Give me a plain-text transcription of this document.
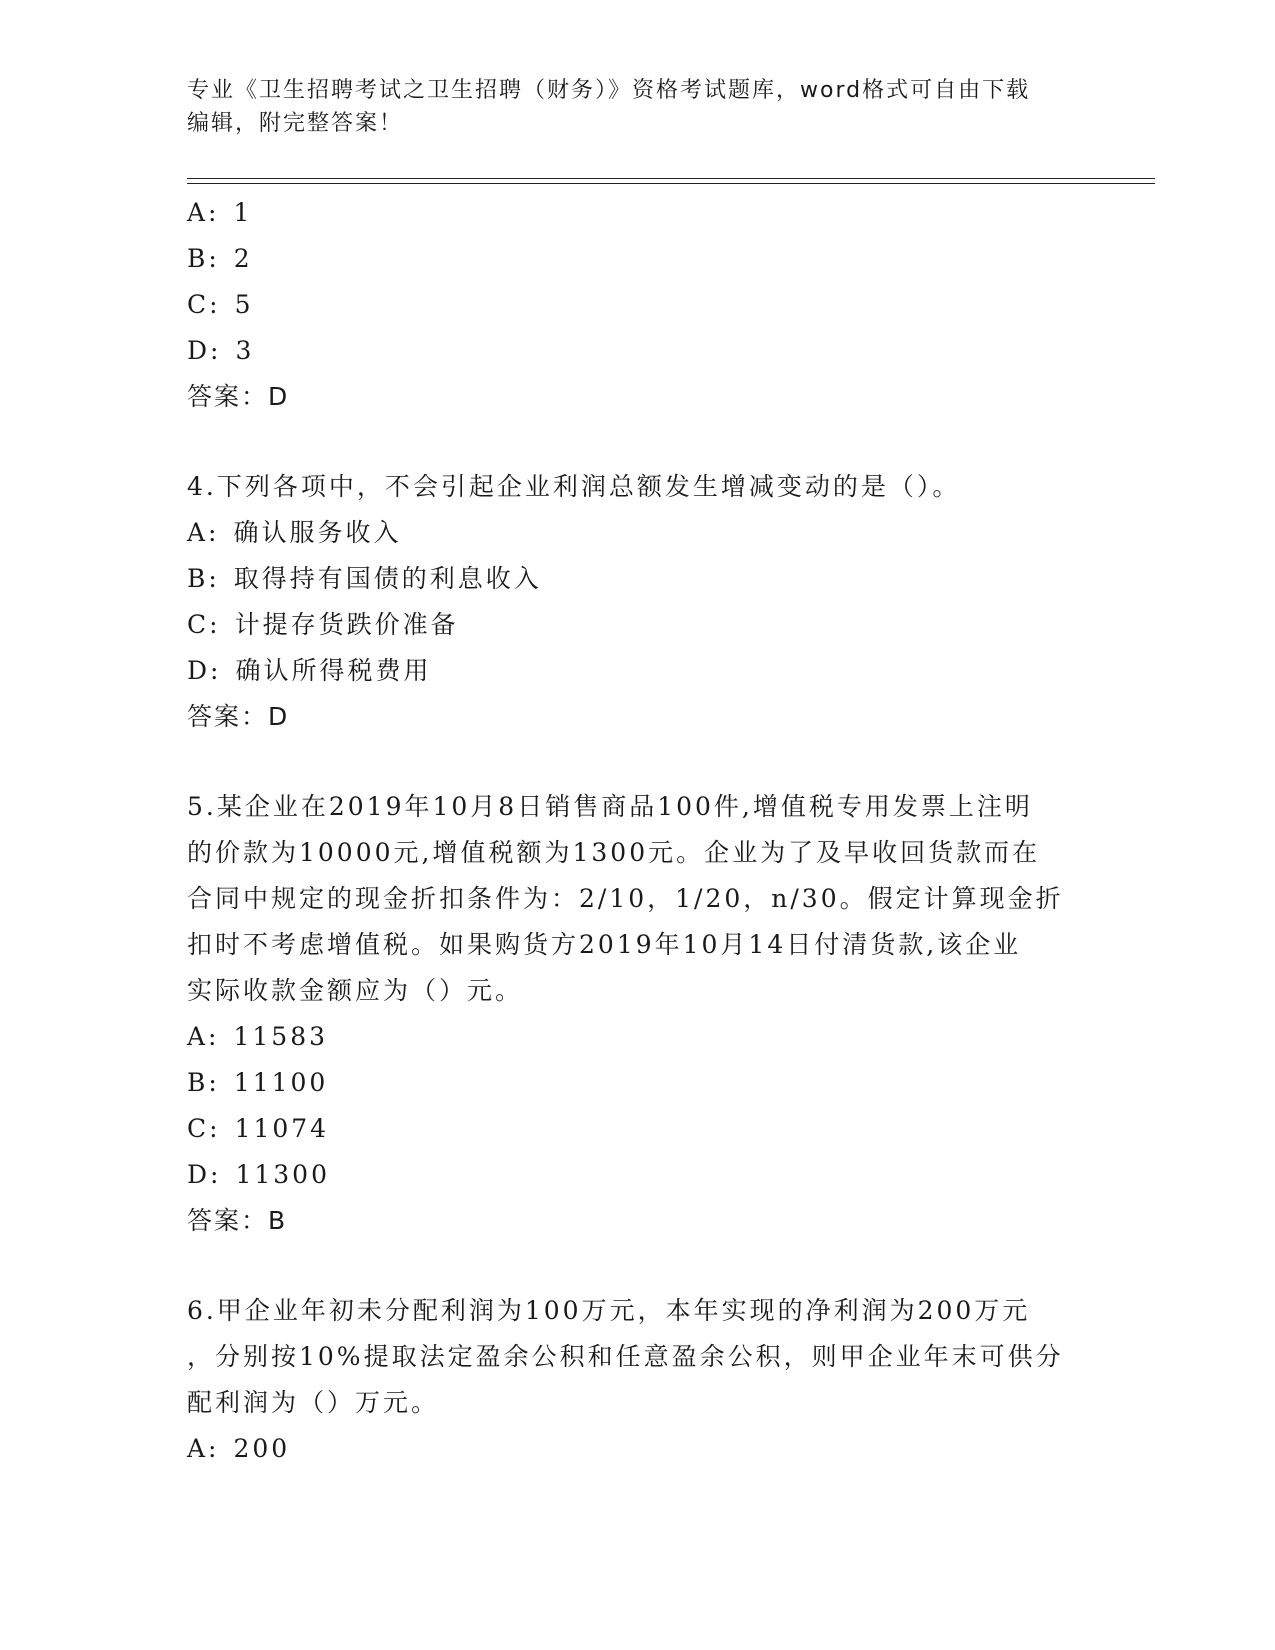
专业《卫生招聘考试之卫生招聘（财务）》资格考试题库，word格式可自由下载
编辑，附完整答案！
A: 1
B: 2
C: 5
D: 3
答案：D
4.下列各项中，不会引起企业利润总额发生增减变动的是（）。
A: 确认服务收入
B: 取得持有国债的利息收入
C: 计提存货跌价准备
D: 确认所得税费用
答案：D
5.某企业在2019年10月8日销售商品100件,增值税专用发票上注明
的价款为10000元,增值税额为1300元。企业为了及早收回货款而在
合同中规定的现金折扣条件为：2/10，1/20，n/30。假定计算现金折
扣时不考虑增值税。如果购货方2019年10月14日付清货款,该企业
实际收款金额应为（）元。
A: 11583
B: 11100
C: 11074
D: 11300
答案：B
6.甲企业年初未分配利润为100万元，本年实现的净利润为200万元
，分别按10%提取法定盈余公积和任意盈余公积，则甲企业年末可供分
配利润为（）万元。
A: 200
